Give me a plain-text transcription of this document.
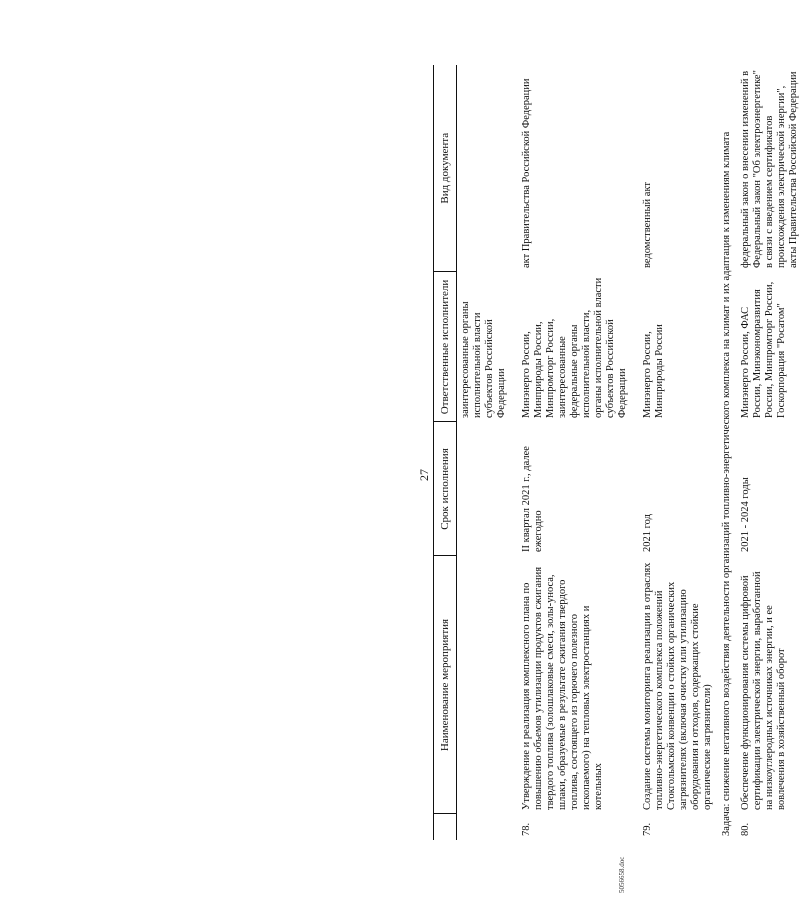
27
	Наименование мероприятия	Срок исполнения	Ответственные исполнители	Вид документа
			заинтересованные органы исполнительной власти субъектов Российской Федерации	

78.	Утверждение и реализация комплексного плана по повышению объемов утилизации продуктов сжигания твердого топлива (золошлаковые смеси, золы-уноса, шлаки, образуемые в результате сжигания твердого топлива, состоящего из горючего полезного ископаемого) на тепловых электростанциях и котельных	II квартал 2021 г., далее ежегодно	Минэнерго России, Минприроды России, Минпромторг России, заинтересованные федеральные органы исполнительной власти, органы исполнительной власти субъектов Российской Федерации	акт Правительства Российской Федерации

79.	Создание системы мониторинга реализации в отраслях топливно-энергетического комплекса положений Стокгольмской конвенции о стойких органических загрязнителях (включая очистку или утилизацию оборудования и отходов, содержащих стойкие органические загрязнители)	2021 год	Минэнерго России, Минприроды России	ведомственный акт
Задача: снижение негативного воздействия деятельности организаций топливно-энергетического комплекса на климат и их адаптация к изменениям климата				
80.	Обеспечение функционирования системы цифровой сертификации электрической энергии, выработанной на низкоуглеродных источниках энергии, и ее вовлечения в хозяйственный оборот	2021 - 2024 годы	Минэнерго России, ФАС России, Минэкономразвития России, Минпромторг России, Госкорпорация "Росатом"	федеральный закон о внесении изменений в Федеральный закон "Об электроэнергетике" в связи с введением сертификатов происхождения электрической энергии", акты Правительства Российской Федерации
5056658.doc
